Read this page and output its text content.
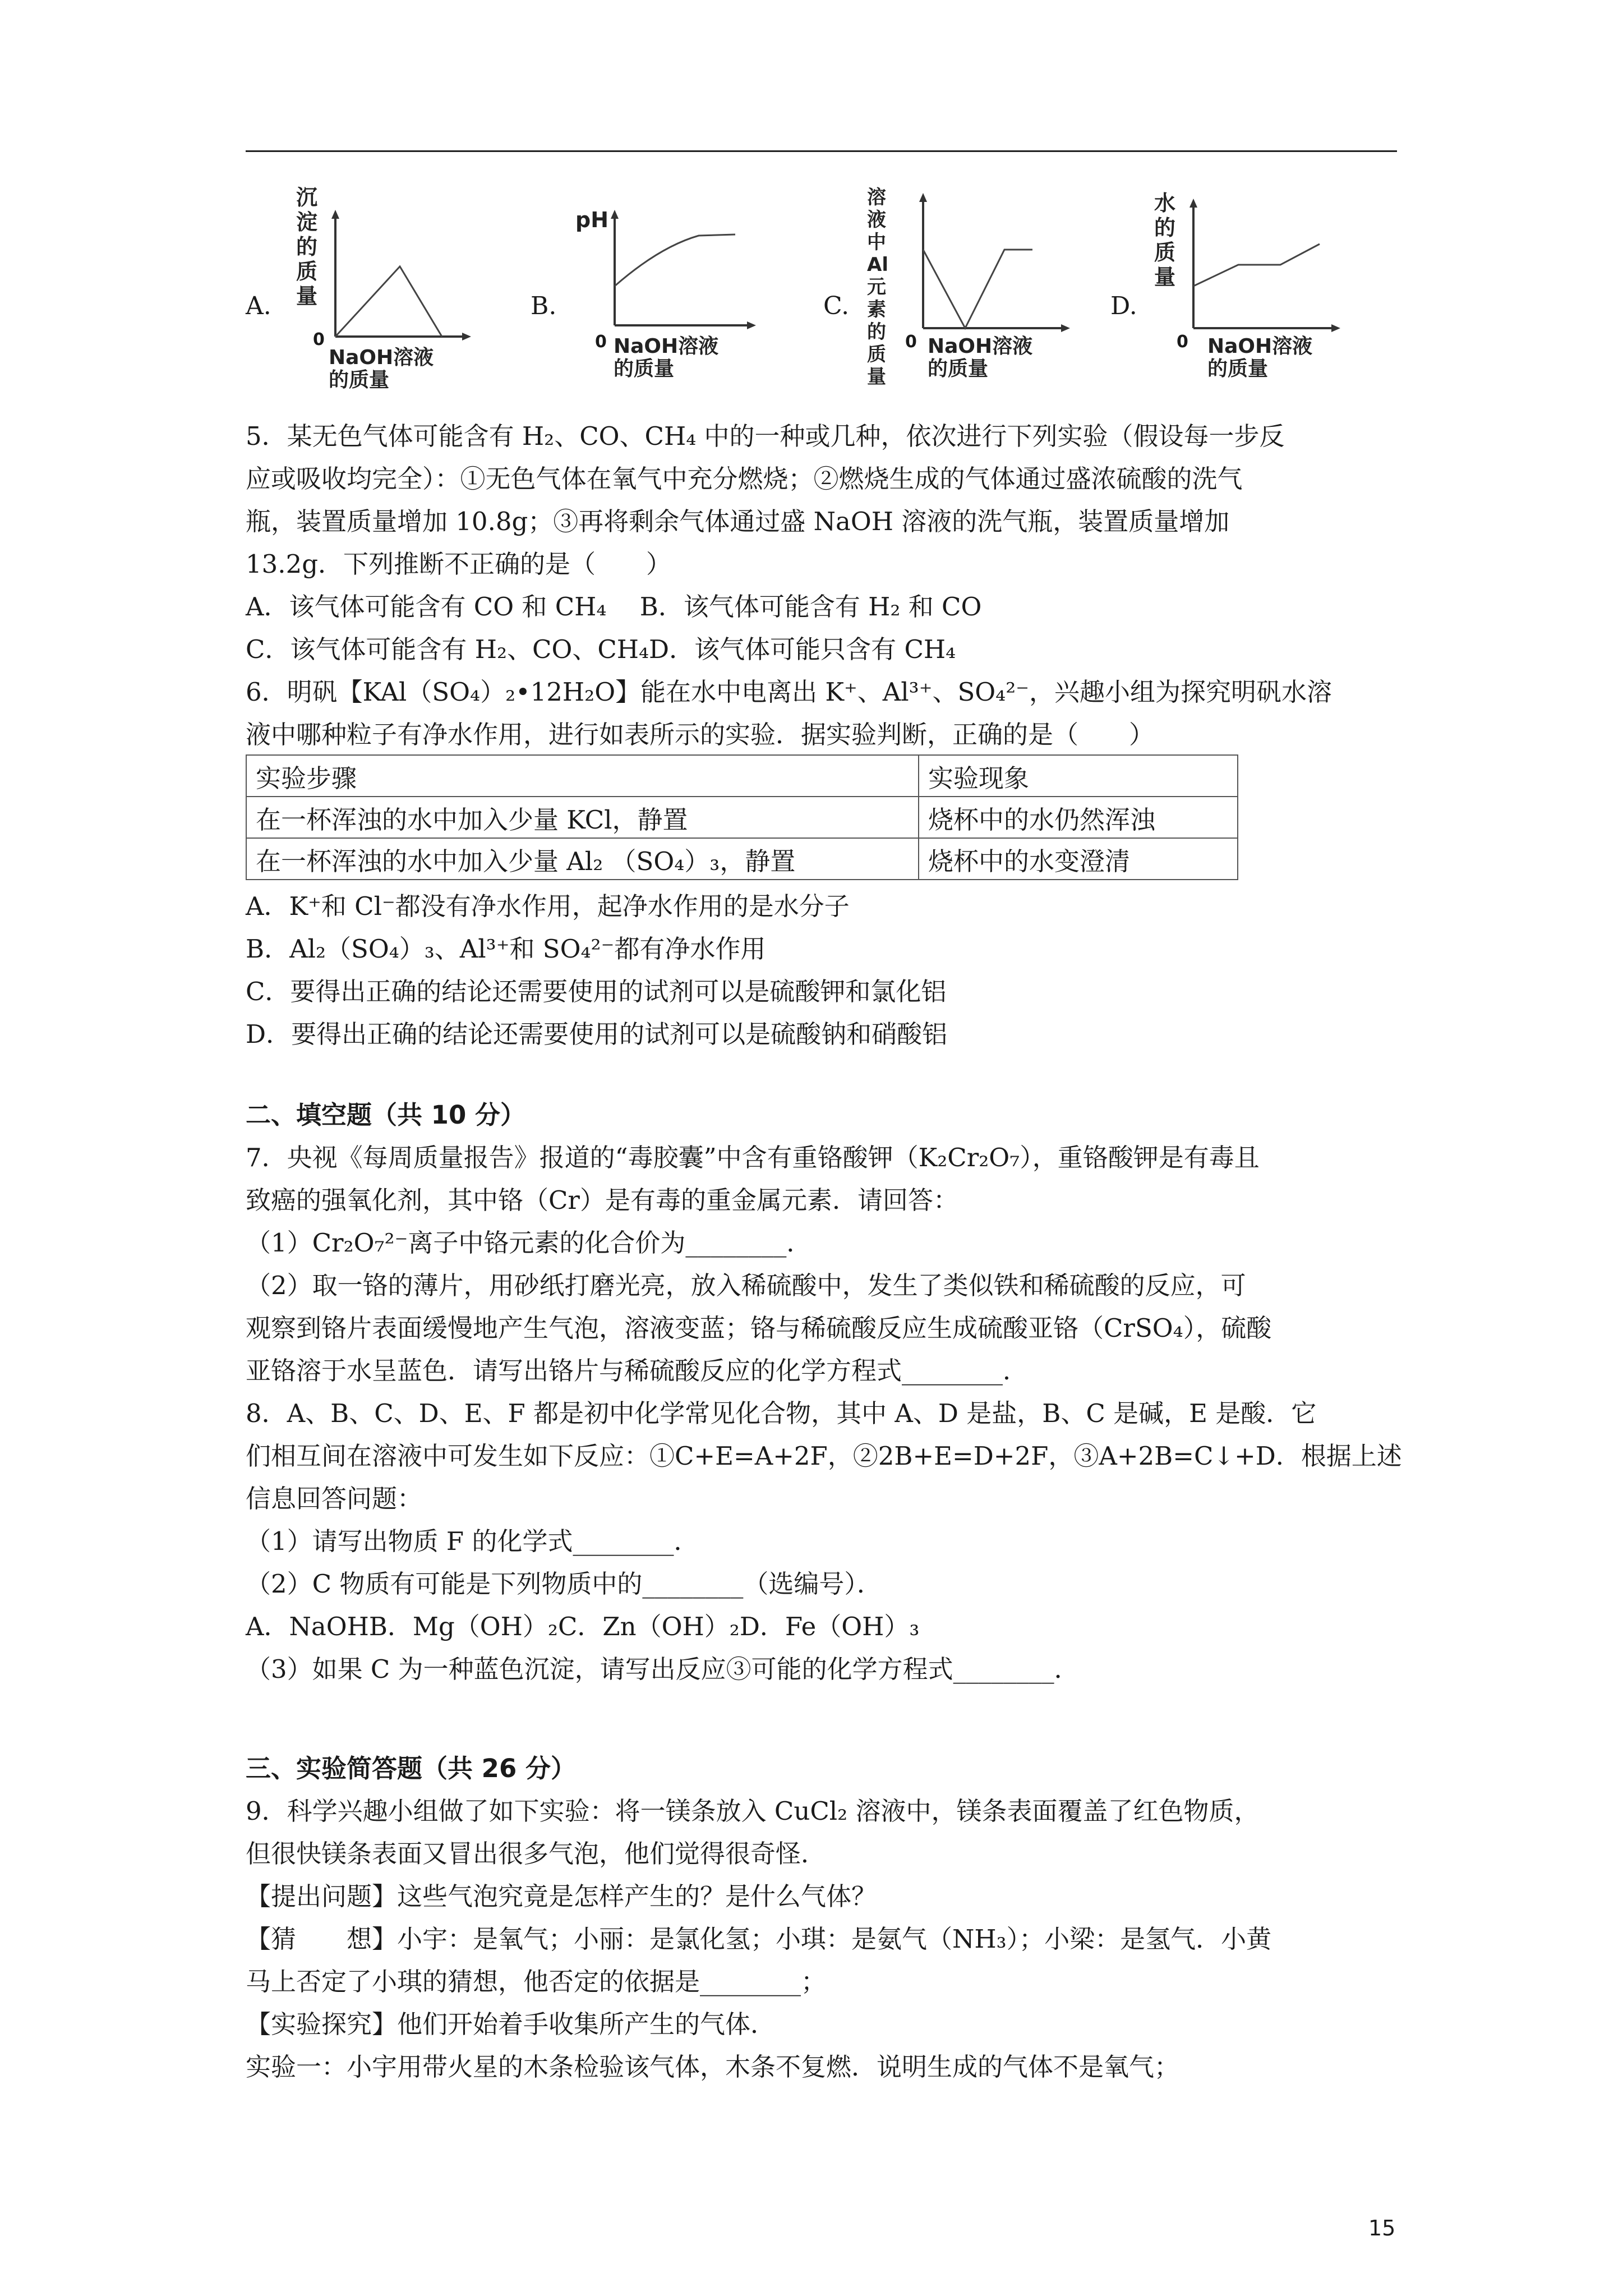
A.
沉
淀
的
质
量
0
NaOH溶液
的质量
B.
pH
0 NaOH溶液
的质量
C.
溶液
中Al
元素
的质
量
0 NaOH溶液
的质量
D.
水
的
质
量
0 NaOH溶液
的质量
5．某无色气体可能含有 H₂、CO、CH₄ 中的一种或几种，依次进行下列实验（假设每一步反
应或吸收均完全）：①无色气体在氧气中充分燃烧；②燃烧生成的气体通过盛浓硫酸的洗气
瓶，装置质量增加 10.8g；③再将剩余气体通过盛 NaOH 溶液的洗气瓶，装置质量增加
13.2g．下列推断不正确的是（　　）
A．该气体可能含有 CO 和 CH₄　 B．该气体可能含有 H₂ 和 CO
C．该气体可能含有 H₂、CO、CH₄D．该气体可能只含有 CH₄
6．明矾【KAl（SO₄）₂•12H₂O】能在水中电离出 K⁺、Al³⁺、SO₄²⁻，兴趣小组为探究明矾水溶
液中哪种粒子有净水作用，进行如表所示的实验．据实验判断，正确的是（　　）
实验步骤	实验现象
在一杯浑浊的水中加入少量 KCl，静置	烧杯中的水仍然浑浊
在一杯浑浊的水中加入少量 Al₂ （SO₄）₃，静置	烧杯中的水变澄清
A．K⁺和 Cl⁻都没有净水作用，起净水作用的是水分子
B．Al₂（SO₄）₃、Al³⁺和 SO₄²⁻都有净水作用
C．要得出正确的结论还需要使用的试剂可以是硫酸钾和氯化铝
D．要得出正确的结论还需要使用的试剂可以是硫酸钠和硝酸铝
二、填空题（共 10 分）
7．央视《每周质量报告》报道的“毒胶囊”中含有重铬酸钾（K₂Cr₂O₇），重铬酸钾是有毒且
致癌的强氧化剂，其中铬（Cr）是有毒的重金属元素．请回答：
（1）Cr₂O₇²⁻离子中铬元素的化合价为________．
（2）取一铬的薄片，用砂纸打磨光亮，放入稀硫酸中，发生了类似铁和稀硫酸的反应，可
观察到铬片表面缓慢地产生气泡，溶液变蓝；铬与稀硫酸反应生成硫酸亚铬（CrSO₄），硫酸
亚铬溶于水呈蓝色．请写出铬片与稀硫酸反应的化学方程式________．
8．A、B、C、D、E、F 都是初中化学常见化合物，其中 A、D 是盐，B、C 是碱，E 是酸．它
们相互间在溶液中可发生如下反应：①C+E=A+2F，②2B+E=D+2F，③A+2B=C↓+D．根据上述
信息回答问题：
（1）请写出物质 F 的化学式________．
（2）C 物质有可能是下列物质中的________（选编号）．
A．NaOHB．Mg（OH）₂C．Zn（OH）₂D．Fe（OH）₃
（3）如果 C 为一种蓝色沉淀，请写出反应③可能的化学方程式________．
三、实验简答题（共 26 分）
9．科学兴趣小组做了如下实验：将一镁条放入 CuCl₂ 溶液中，镁条表面覆盖了红色物质，
但很快镁条表面又冒出很多气泡，他们觉得很奇怪．
【提出问题】这些气泡究竟是怎样产生的？是什么气体？
【猜　　想】小宇：是氧气；小丽：是氯化氢；小琪：是氨气（NH₃）；小梁：是氢气．小黄
马上否定了小琪的猜想，他否定的依据是________；
【实验探究】他们开始着手收集所产生的气体．
实验一：小宇用带火星的木条检验该气体，木条不复燃．说明生成的气体不是氧气；
15
